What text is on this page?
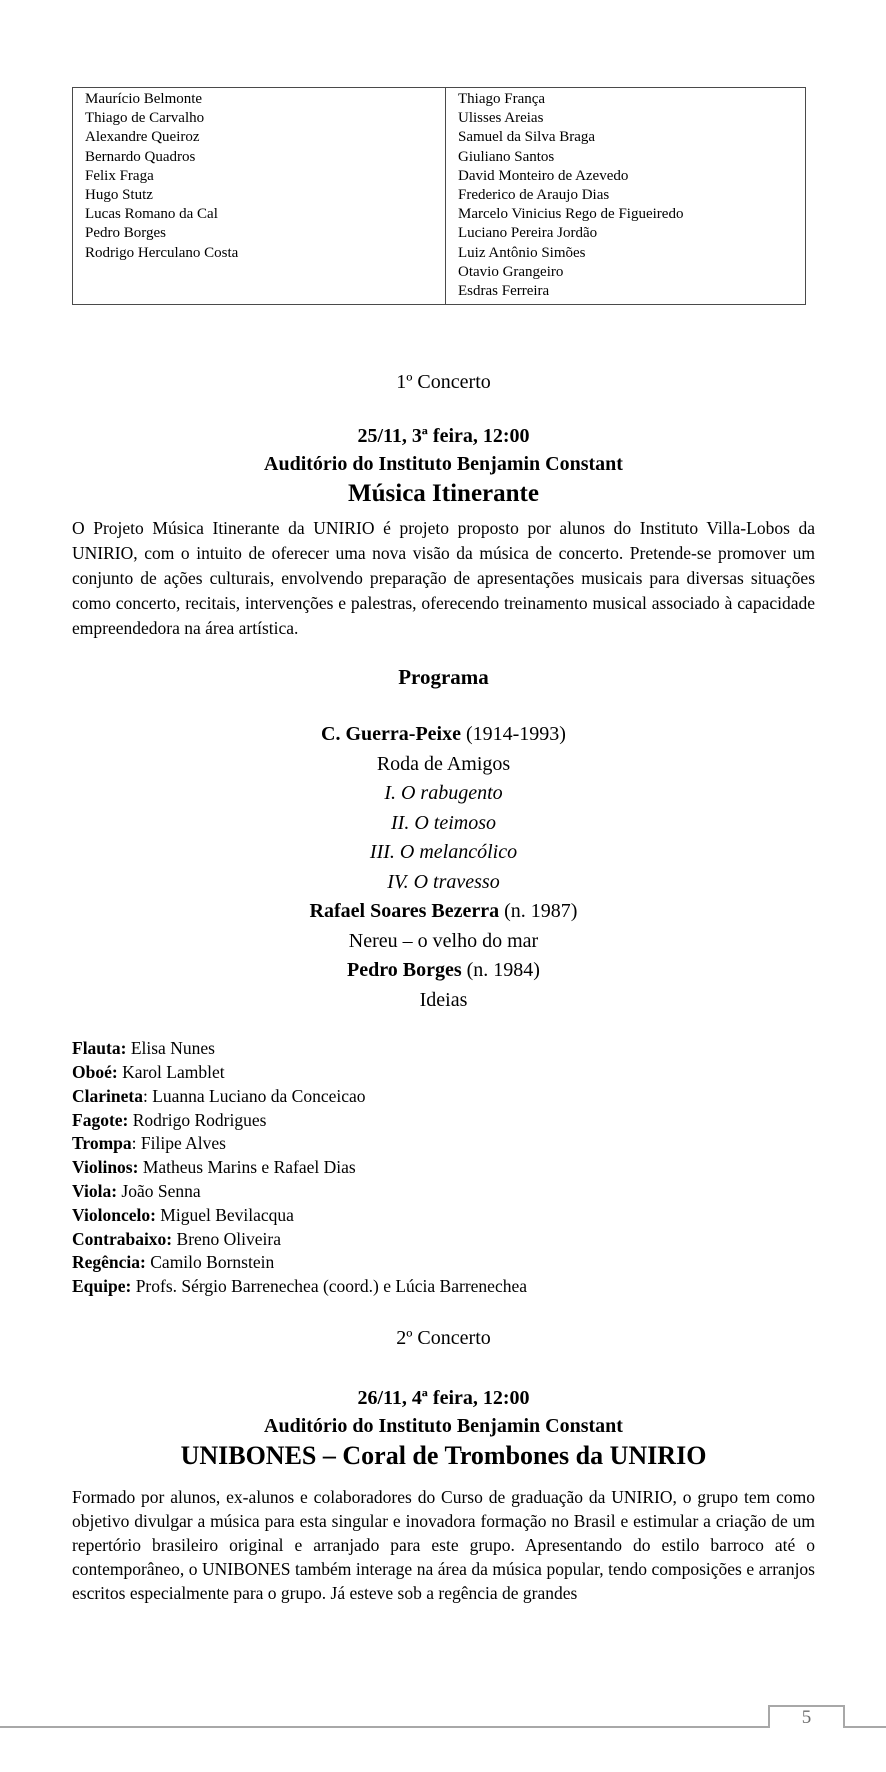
Maurício Belmonte
Thiago de Carvalho
Alexandre Queiroz
Bernardo Quadros
Felix Fraga
Hugo Stutz
Lucas Romano da Cal
Pedro Borges
Rodrigo Herculano Costa

Thiago França
Ulisses Areias
Samuel da Silva Braga
Giuliano Santos
David Monteiro de Azevedo
Frederico de Araujo Dias
Marcelo Vinicius Rego de Figueiredo
Luciano Pereira Jordão
Luiz Antônio Simões
Otavio Grangeiro
Esdras Ferreira
1º Concerto
25/11, 3ª feira, 12:00
Auditório do Instituto Benjamin Constant
Música Itinerante
O Projeto Música Itinerante da UNIRIO é projeto proposto por alunos do Instituto Villa-Lobos da UNIRIO, com o intuito de oferecer uma nova visão da música de concerto. Pretende-se promover um conjunto de ações culturais, envolvendo preparação de apresentações musicais para diversas situações como concerto, recitais, intervenções e palestras, oferecendo treinamento musical associado à capacidade empreendedora na área artística.
Programa
C. Guerra-Peixe (1914-1993)
Roda de Amigos
I. O rabugento
II. O teimoso
III. O melancólico
IV. O travesso
Rafael Soares Bezerra (n. 1987)
Nereu – o velho do mar
Pedro Borges (n. 1984)
Ideias
Flauta: Elisa Nunes
Oboé: Karol Lamblet
Clarineta: Luanna Luciano da Conceicao
Fagote: Rodrigo Rodrigues
Trompa: Filipe Alves
Violinos: Matheus Marins e Rafael Dias
Viola: João Senna
Violoncelo: Miguel Bevilacqua
Contrabaixo: Breno Oliveira
Regência: Camilo Bornstein
Equipe: Profs. Sérgio Barrenechea (coord.) e Lúcia Barrenechea
2º Concerto
26/11, 4ª feira, 12:00
Auditório do Instituto Benjamin Constant
UNIBONES – Coral de Trombones da UNIRIO
Formado por alunos, ex-alunos e colaboradores do Curso de graduação da UNIRIO, o grupo tem como objetivo divulgar a música para esta singular e inovadora formação no Brasil e estimular a criação de um repertório brasileiro original e arranjado para este grupo. Apresentando do estilo barroco até o contemporâneo, o UNIBONES também interage na área da música popular, tendo composições e arranjos escritos especialmente para o grupo. Já esteve sob a regência de grandes
5
